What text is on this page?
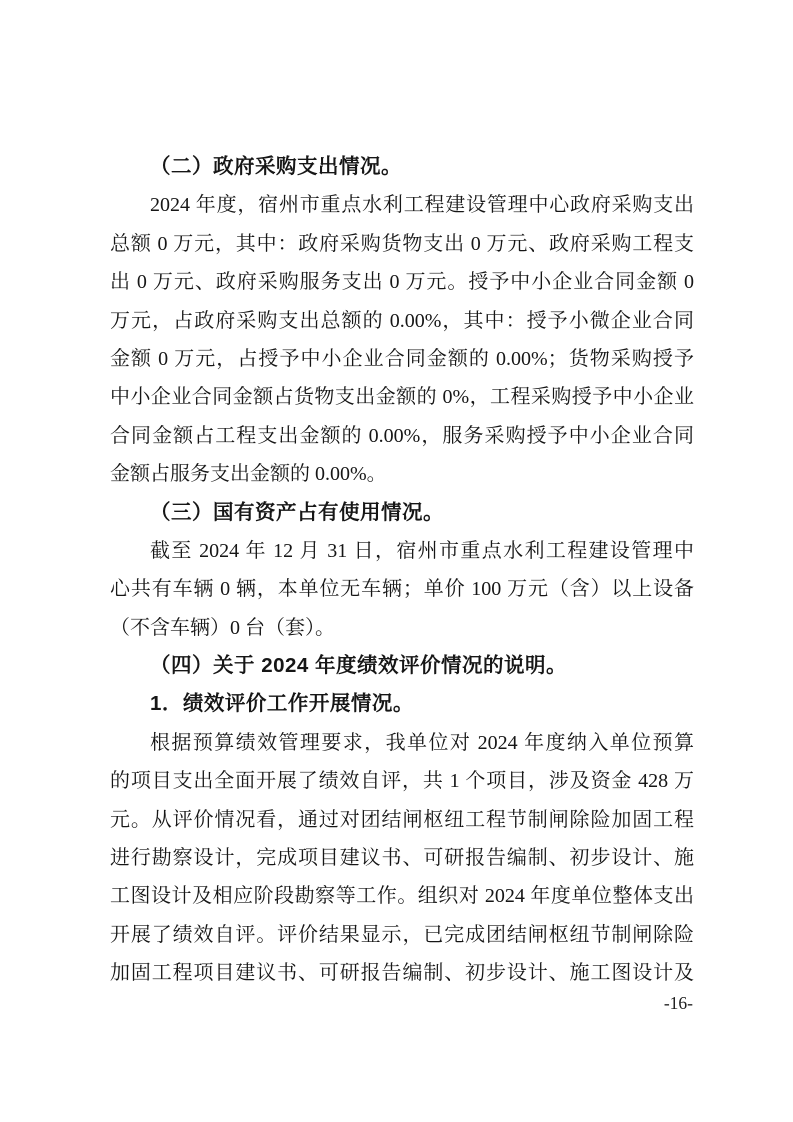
（二）政府采购支出情况。
2024 年度，宿州市重点水利工程建设管理中心政府采购支出
总额 0 万元，其中：政府采购货物支出 0 万元、政府采购工程支
出 0 万元、政府采购服务支出 0 万元。授予中小企业合同金额 0
万元，占政府采购支出总额的 0.00%，其中：授予小微企业合同
金额 0 万元，占授予中小企业合同金额的 0.00%；货物采购授予
中小企业合同金额占货物支出金额的 0%，工程采购授予中小企业
合同金额占工程支出金额的 0.00%，服务采购授予中小企业合同
金额占服务支出金额的 0.00%。
（三）国有资产占有使用情况。
截至 2024 年 12 月 31 日，宿州市重点水利工程建设管理中
心共有车辆 0 辆，本单位无车辆；单价 100 万元（含）以上设备
（不含车辆）0 台（套）。
（四）关于 2024 年度绩效评价情况的说明。
1．绩效评价工作开展情况。
根据预算绩效管理要求，我单位对 2024 年度纳入单位预算
的项目支出全面开展了绩效自评，共 1 个项目，涉及资金 428 万
元。从评价情况看，通过对团结闸枢纽工程节制闸除险加固工程
进行勘察设计，完成项目建议书、可研报告编制、初步设计、施
工图设计及相应阶段勘察等工作。组织对 2024 年度单位整体支出
开展了绩效自评。评价结果显示，已完成团结闸枢纽节制闸除险
加固工程项目建议书、可研报告编制、初步设计、施工图设计及
-16-
